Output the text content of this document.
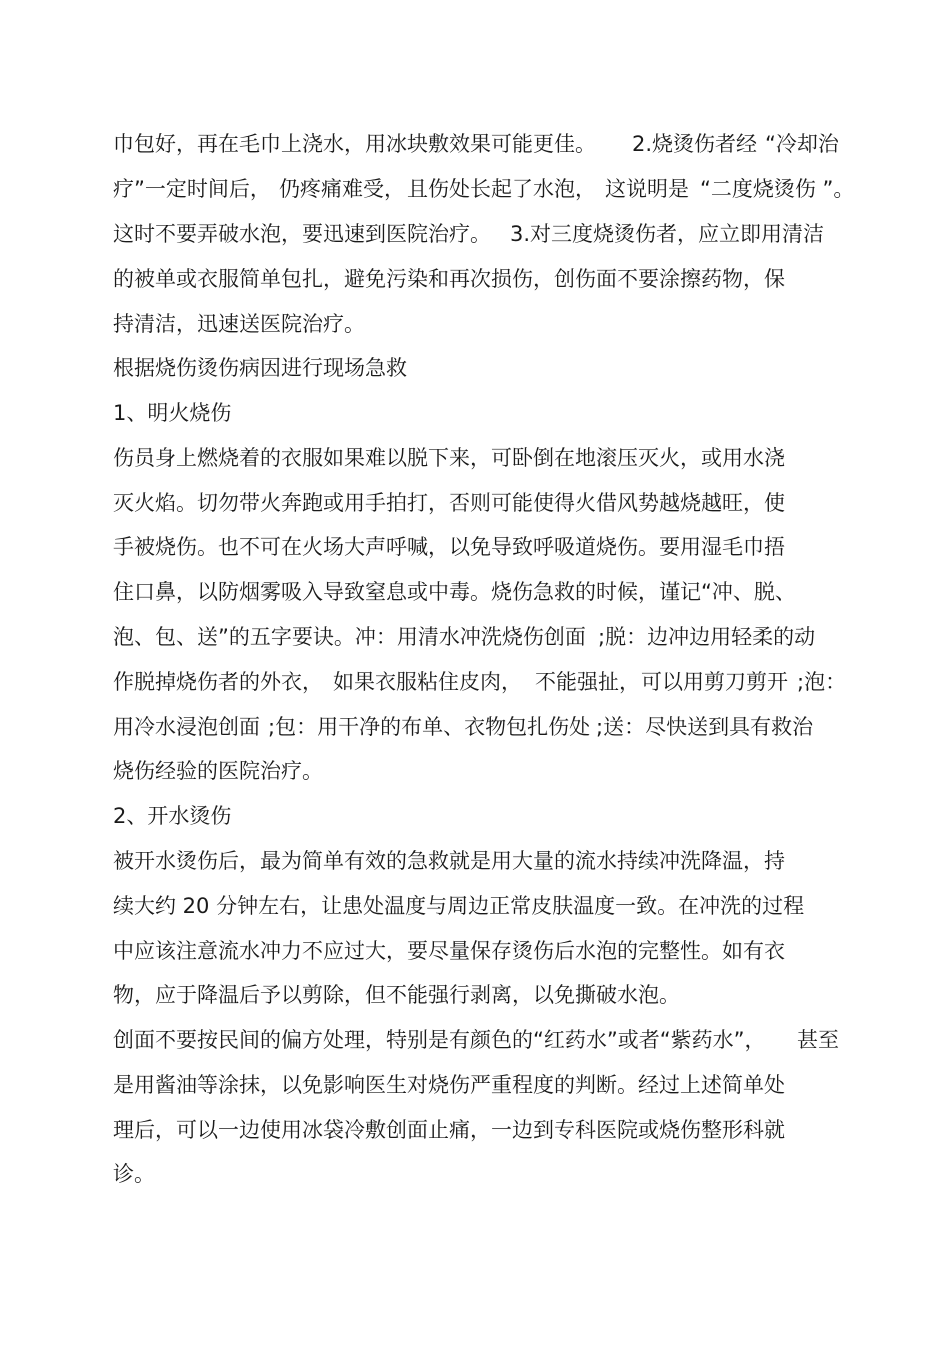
巾包好，再在毛巾上浇水，用冰块敷效果可能更佳。 2.烧烫伤者经 “冷却治
疗”一定时间后， 仍疼痛难受， 且伤处长起了水泡， 这说明是 “二度烧烫伤 ”。
这时不要弄破水泡，要迅速到医院治疗。 3.对三度烧烫伤者，应立即用清洁
的被单或衣服简单包扎，避免污染和再次损伤，创伤面不要涂擦药物，保
持清洁，迅速送医院治疗。
根据烧伤烫伤病因进行现场急救
1、明火烧伤
伤员身上燃烧着的衣服如果难以脱下来，可卧倒在地滚压灭火，或用水浇
灭火焰。切勿带火奔跑或用手拍打，否则可能使得火借风势越烧越旺，使
手被烧伤。也不可在火场大声呼喊，以免导致呼吸道烧伤。要用湿毛巾捂
住口鼻，以防烟雾吸入导致窒息或中毒。烧伤急救的时候，谨记“冲、脱、
泡、包、送”的五字要诀。冲：用清水冲洗烧伤创面 ;脱：边冲边用轻柔的动
作脱掉烧伤者的外衣， 如果衣服粘住皮肉， 不能强扯， 可以用剪刀剪开 ;泡：
用冷水浸泡创面 ;包：用干净的布单、衣物包扎伤处 ;送：尽快送到具有救治
烧伤经验的医院治疗。
2、开水烫伤
被开水烫伤后，最为简单有效的急救就是用大量的流水持续冲洗降温，持
续大约 20 分钟左右，让患处温度与周边正常皮肤温度一致。在冲洗的过程
中应该注意流水冲力不应过大，要尽量保存烫伤后水泡的完整性。如有衣
物，应于降温后予以剪除，但不能强行剥离，以免撕破水泡。
创面不要按民间的偏方处理，特别是有颜色的“红药水”或者“紫药水”， 甚至
是用酱油等涂抹，以免影响医生对烧伤严重程度的判断。经过上述简单处
理后，可以一边使用冰袋冷敷创面止痛，一边到专科医院或烧伤整形科就
诊。
